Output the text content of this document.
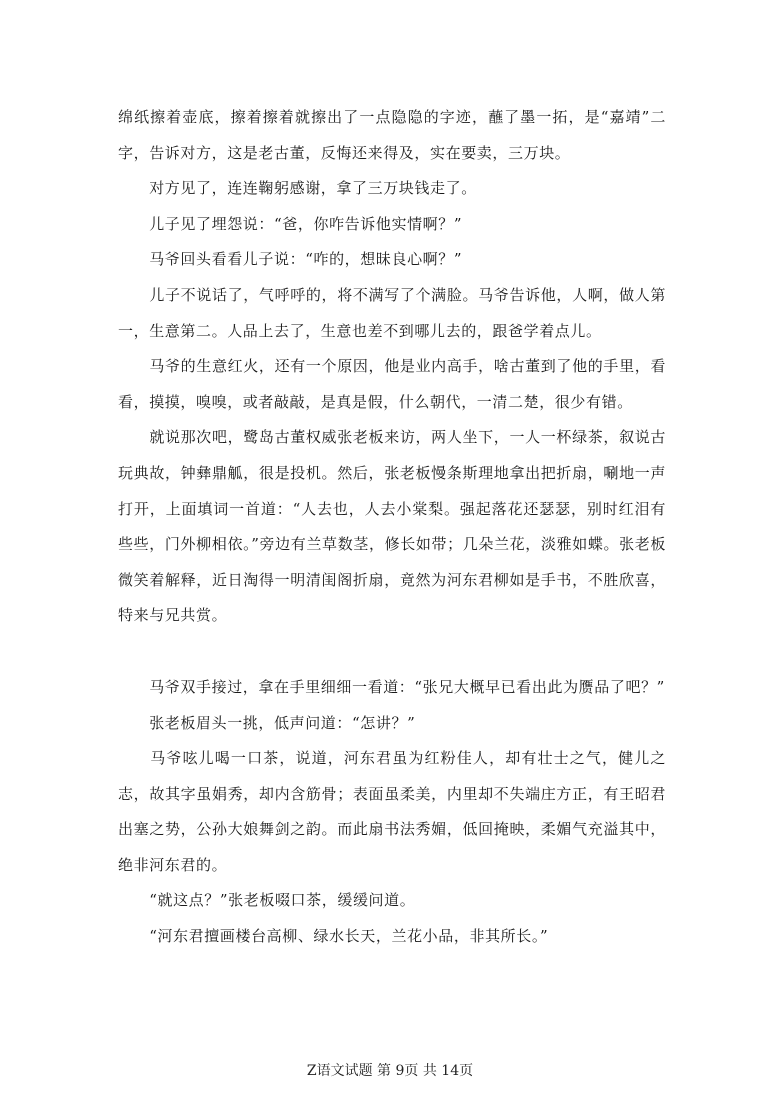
绵纸擦着壶底，擦着擦着就擦出了一点隐隐的字迹，蘸了墨一拓，是“嘉靖”二字，告诉对方，这是老古董，反悔还来得及，实在要卖，三万块。

　　对方见了，连连鞠躬感谢，拿了三万块钱走了。

　　儿子见了埋怨说：“爸，你咋告诉他实情啊？”

　　马爷回头看看儿子说：“咋的，想昧良心啊？”

　　儿子不说话了，气呼呼的，将不满写了个满脸。马爷告诉他，人啊，做人第一，生意第二。人品上去了，生意也差不到哪儿去的，跟爸学着点儿。

　　马爷的生意红火，还有一个原因，他是业内高手，啥古董到了他的手里，看看，摸摸，嗅嗅，或者敲敲，是真是假，什么朝代，一清二楚，很少有错。

　　就说那次吧，鹭岛古董权威张老板来访，两人坐下，一人一杯绿茶，叙说古玩典故，钟彝鼎觚，很是投机。然后，张老板慢条斯理地拿出把折扇，唰地一声打开，上面填词一首道：“人去也，人去小棠梨。强起落花还瑟瑟，别时红泪有些些，门外柳相依。”旁边有兰草数茎，修长如带；几朵兰花，淡雅如蝶。张老板微笑着解释，近日淘得一明清闺阁折扇，竟然为河东君柳如是手书，不胜欣喜，特来与兄共赏。

　　马爷双手接过，拿在手里细细一看道：“张兄大概早已看出此为赝品了吧？”

　　张老板眉头一挑，低声问道：“怎讲？”

　　马爷呟儿喝一口茶，说道，河东君虽为红粉佳人，却有壮士之气，健儿之志，故其字虽娟秀，却内含筋骨；表面虽柔美，内里却不失端庄方正，有王昭君出塞之势，公孙大娘舞剑之韵。而此扇书法秀媚，低回掩映，柔媚气充溢其中，绝非河东君的。

　　“就这点？”张老板啜口茶，缓缓问道。

　　“河东君擅画楼台高柳、绿水长天，兰花小品，非其所长。”

Z语文试题 第 9页 共 14页
